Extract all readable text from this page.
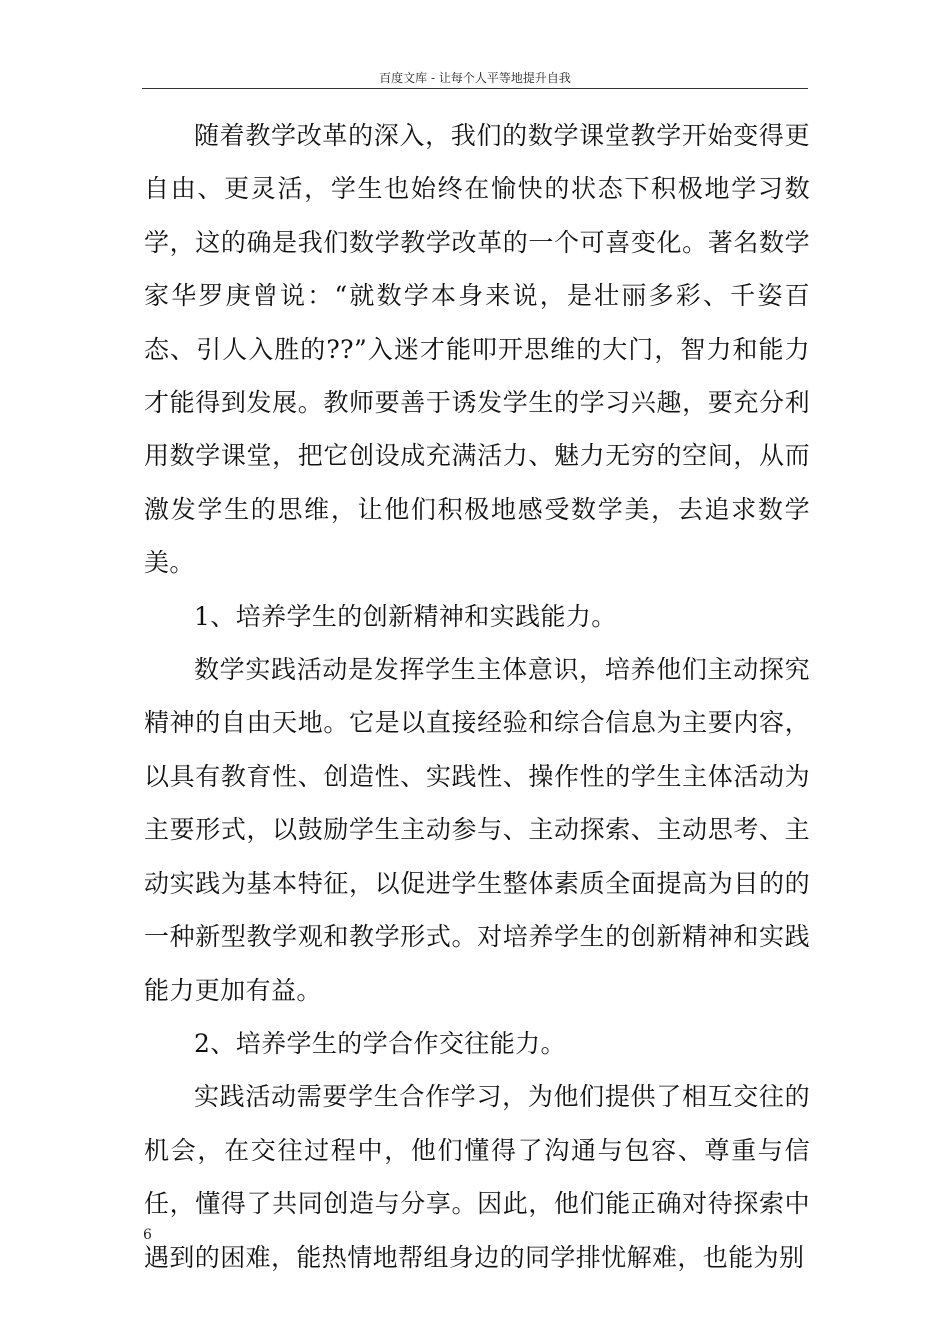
百度文库 - 让每个人平等地提升自我

随着教学改革的深入，我们的数学课堂教学开始变得更自由、更灵活，学生也始终在愉快的状态下积极地学习数学，这的确是我们数学教学改革的一个可喜变化。著名数学家华罗庚曾说：“就数学本身来说，是壮丽多彩、千姿百态、引人入胜的??”入迷才能叩开思维的大门，智力和能力才能得到发展。教师要善于诱发学生的学习兴趣，要充分利用数学课堂，把它创设成充满活力、魅力无穷的空间，从而激发学生的思维，让他们积极地感受数学美，去追求数学美。

1、培养学生的创新精神和实践能力。

数学实践活动是发挥学生主体意识，培养他们主动探究精神的自由天地。它是以直接经验和综合信息为主要内容，以具有教育性、创造性、实践性、操作性的学生主体活动为主要形式，以鼓励学生主动参与、主动探索、主动思考、主动实践为基本特征，以促进学生整体素质全面提高为目的的一种新型教学观和教学形式。对培养学生的创新精神和实践能力更加有益。

2、培养学生的学合作交往能力。

实践活动需要学生合作学习，为他们提供了相互交往的机会，在交往过程中，他们懂得了沟通与包容、尊重与信任，懂得了共同创造与分享。因此，他们能正确对待探索中遇到的困难，能热情地帮组身边的同学排忧解难，也能为别

6
